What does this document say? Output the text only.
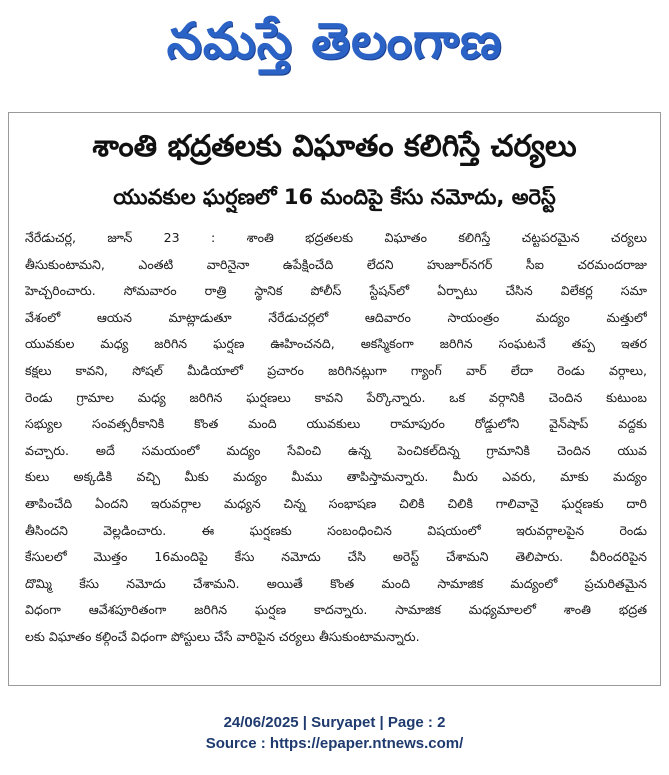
నమస్తే తెలంగాణ
శాంతి భద్రతలకు విఘాతం కలిగిస్తే చర్యలు
యువకుల ఘర్షణలో 16 మందిపై కేసు నమోదు, అరెస్ట్
నేరేడుచర్ల, జూన్ 23 : శాంతి భద్రతలకు విఘాతం కలిగిస్తే చట్టపరమైన చర్యలు
తీసుకుంటామని, ఎంతటి వారినైనా ఉపేక్షించేది లేదని హుజూర్‌నగర్ సీఐ చరమందరాజు
హెచ్చరించారు. సోమవారం రాత్రి స్థానిక పోలీస్ స్టేషన్‌లో ఏర్పాటు చేసిన విలేకర్ల సమా
వేశంలో ఆయన మాట్లాడుతూ నేరేడుచర్లలో ఆదివారం సాయంత్రం మద్యం మత్తులో
యువకుల మధ్య జరిగిన ఘర్షణ ఊహించనది, అకస్మికంగా జరిగిన సంఘటనే తప్ప ఇతర
కక్షలు కావని, సోషల్ మీడియాలో ప్రచారం జరిగినట్లుగా గ్యాంగ్ వార్ లేదా రెండు వర్గాలు,
రెండు గ్రామాల మధ్య జరిగిన ఘర్షణలు కావని పేర్కొన్నారు. ఒక వర్గానికి చెందిన కుటుంబ
సభ్యుల సంవత్సరీకానికి కొంత మంది యువకులు రామాపురం రోడ్డులోని వైన్‌షాప్ వద్దకు
వచ్చారు. అదే సమయంలో మద్యం సేవించి ఉన్న పెంచికల్‌దిన్న గ్రామానికి చెందిన యువ
కులు అక్కడికి వచ్చి మీకు మద్యం మీము తాపిస్తామన్నారు. మీరు ఎవరు, మాకు మద్యం
తాపించేది ఏందని ఇరువర్గాల మధ్యన చిన్న సంభాషణ చిలికి చిలికి గాలివానై ఘర్షణకు దారి
తీసిందని వెల్లడించారు. ఈ ఘర్షణకు సంబంధించిన విషయంలో ఇరువర్గాలపైన రెండు
కేసులలో మొత్తం 16మందిపై కేసు నమోదు చేసి అరెస్ట్ చేశామని తెలిపారు. వీరిందరిపైన
దొమ్మి కేసు నమోదు చేశామని. అయితే కొంత మంది సామాజిక మద్యంలో ప్రచురితమైన
విధంగా ఆవేశపూరితంగా జరిగిన ఘర్షణ కాదన్నారు. సామాజిక మధ్యమాలలో శాంతి భద్రత
లకు విఘాతం కల్గించే విధంగా పోస్టులు చేసే వారిపైన చర్యలు తీసుకుంటామన్నారు.
24/06/2025 | Suryapet | Page : 2
Source : https://epaper.ntnews.com/
